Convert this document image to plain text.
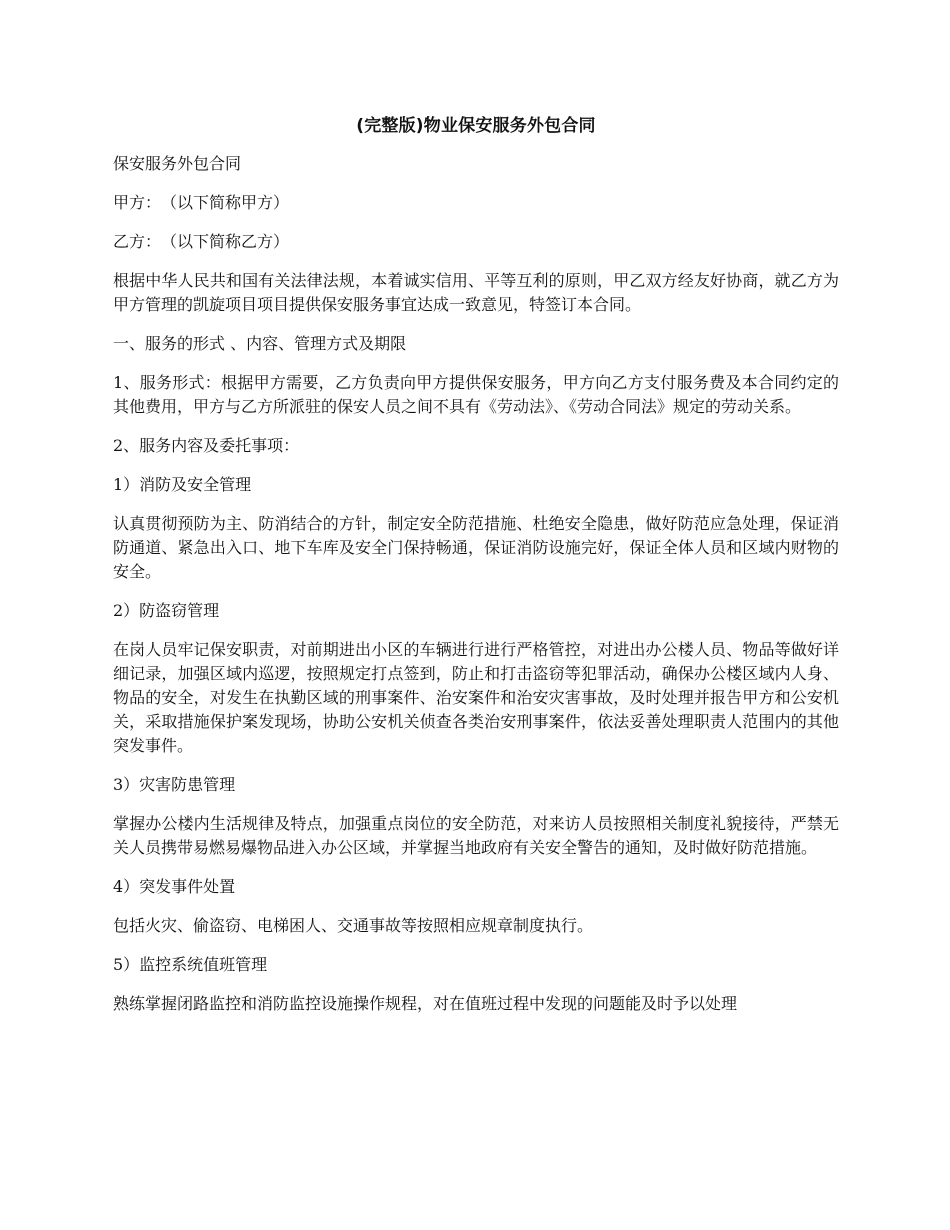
(完整版)物业保安服务外包合同

保安服务外包合同

甲方：　（以下简称甲方）

乙方：　（以下简称乙方）

根据中华人民共和国有关法律法规，本着诚实信用、平等互利的原则，甲乙双方经友好协商，就乙方为甲方管理的凯旋项目项目提供保安服务事宜达成一致意见，特签订本合同。

一、服务的形式 、内容、管理方式及期限

1、服务形式：根据甲方需要，乙方负责向甲方提供保安服务，甲方向乙方支付服务费及本合同约定的其他费用，甲方与乙方所派驻的保安人员之间不具有《劳动法》、《劳动合同法》规定的劳动关系。

2、服务内容及委托事项：

1）消防及安全管理

认真贯彻预防为主、防消结合的方针，制定安全防范措施、杜绝安全隐患，做好防范应急处理，保证消防通道、紧急出入口、地下车库及安全门保持畅通，保证消防设施完好，保证全体人员和区域内财物的安全。

2）防盗窃管理

在岗人员牢记保安职责，对前期进出小区的车辆进行进行严格管控，对进出办公楼人员、物品等做好详细记录，加强区域内巡逻，按照规定打点签到，防止和打击盗窃等犯罪活动，确保办公楼区域内人身、物品的安全，对发生在执勤区域的刑事案件、治安案件和治安灾害事故，及时处理并报告甲方和公安机关，采取措施保护案发现场，协助公安机关侦查各类治安刑事案件，依法妥善处理职责人范围内的其他突发事件。

3）灾害防患管理

掌握办公楼内生活规律及特点，加强重点岗位的安全防范，对来访人员按照相关制度礼貌接待，严禁无关人员携带易燃易爆物品进入办公区域，并掌握当地政府有关安全警告的通知，及时做好防范措施。

4）突发事件处置

包括火灾、偷盗窃、电梯困人、交通事故等按照相应规章制度执行。

5）监控系统值班管理

熟练掌握闭路监控和消防监控设施操作规程，对在值班过程中发现的问题能及时予以处理
